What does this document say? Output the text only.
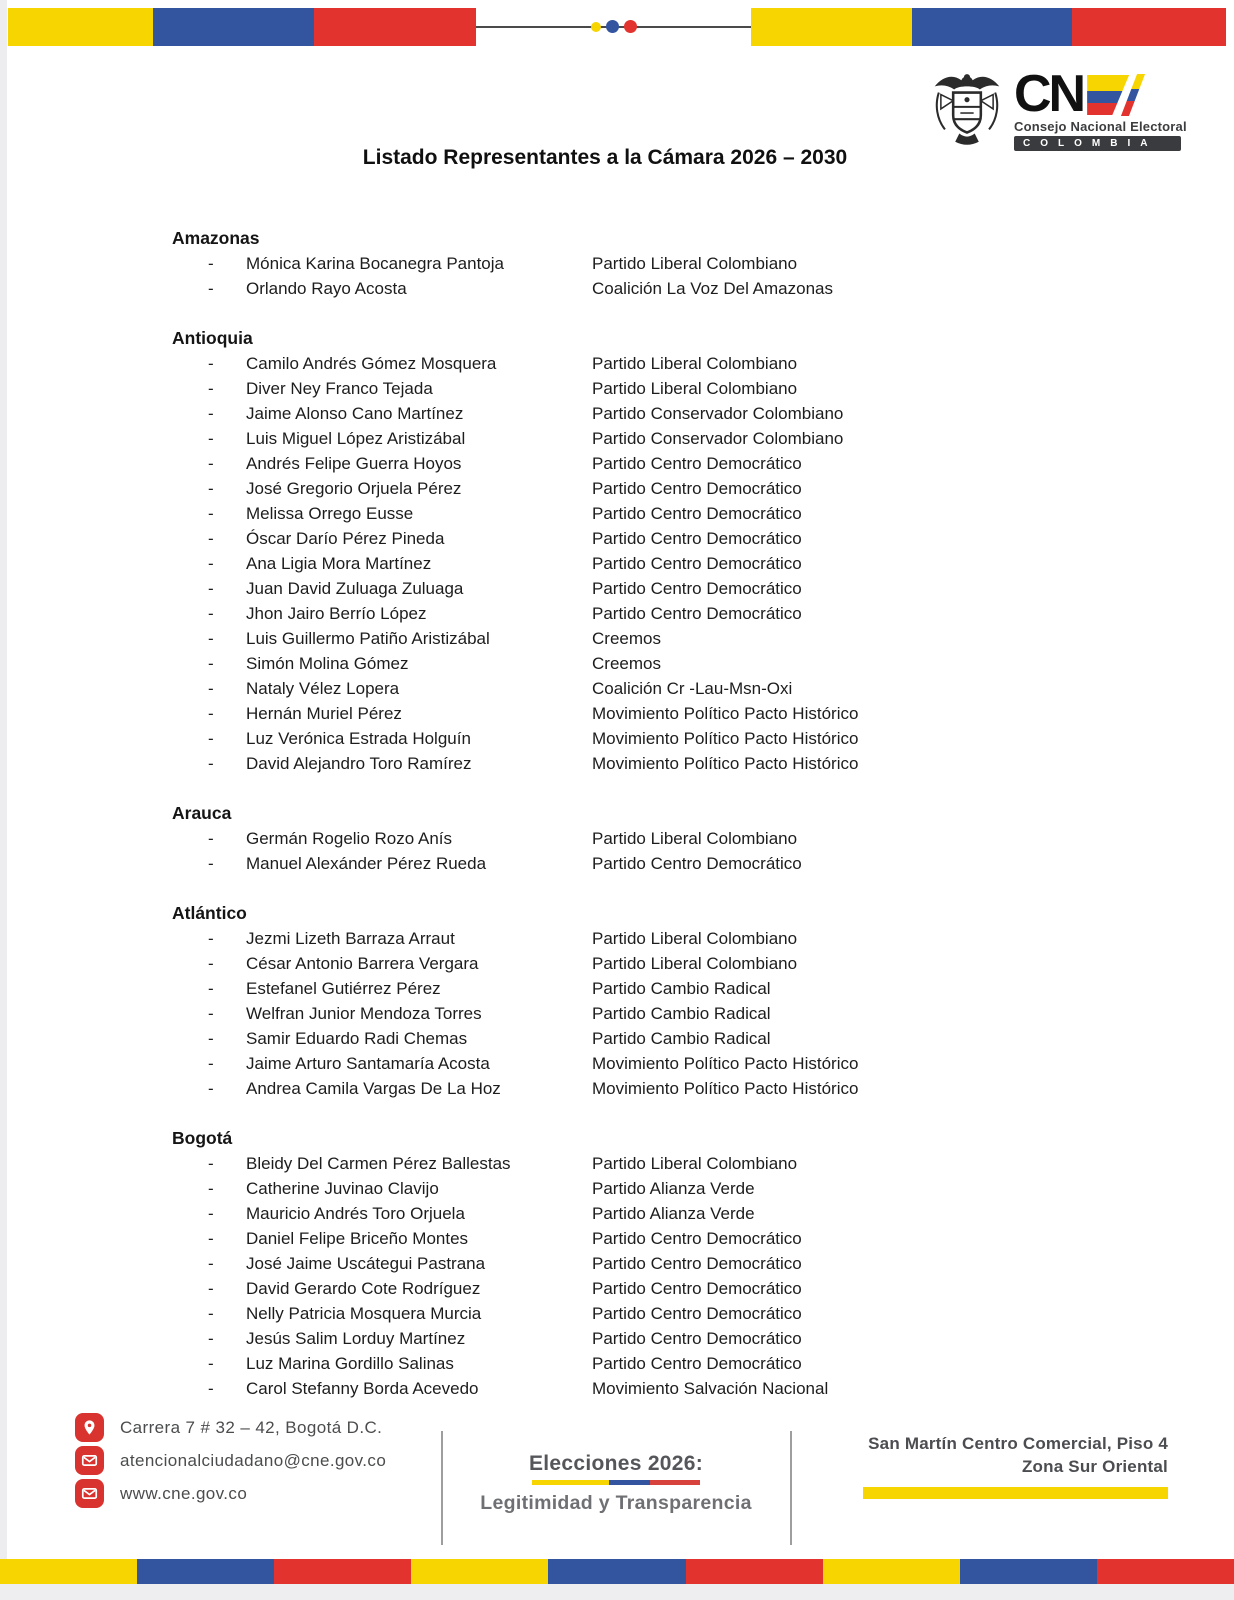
CN
Consejo Nacional Electoral
COLOMBIA
Listado Representantes a la Cámara 2026 – 2030
Amazonas
- Mónica Karina Bocanegra Pantoja	Partido Liberal Colombiano
- Orlando Rayo Acosta	Coalición La Voz Del Amazonas
Antioquia
- Camilo Andrés Gómez Mosquera	Partido Liberal Colombiano
- Diver Ney Franco Tejada	Partido Liberal Colombiano
- Jaime Alonso Cano Martínez	Partido Conservador Colombiano
- Luis Miguel López Aristizábal	Partido Conservador Colombiano
- Andrés Felipe Guerra Hoyos	Partido Centro Democrático
- José Gregorio Orjuela Pérez	Partido Centro Democrático
- Melissa Orrego Eusse	Partido Centro Democrático
- Óscar Darío Pérez Pineda	Partido Centro Democrático
- Ana Ligia Mora Martínez	Partido Centro Democrático
- Juan David Zuluaga Zuluaga	Partido Centro Democrático
- Jhon Jairo Berrío López	Partido Centro Democrático
- Luis Guillermo Patiño Aristizábal	Creemos
- Simón Molina Gómez	Creemos
- Nataly Vélez Lopera	Coalición Cr -Lau-Msn-Oxi
- Hernán Muriel Pérez	Movimiento Político Pacto Histórico
- Luz Verónica Estrada Holguín	Movimiento Político Pacto Histórico
- David Alejandro Toro Ramírez	Movimiento Político Pacto Histórico
Arauca
- Germán Rogelio Rozo Anís	Partido Liberal Colombiano
- Manuel Alexánder Pérez Rueda	Partido Centro Democrático
Atlántico
- Jezmi Lizeth Barraza Arraut	Partido Liberal Colombiano
- César Antonio Barrera Vergara	Partido Liberal Colombiano
- Estefanel Gutiérrez Pérez	Partido Cambio Radical
- Welfran Junior Mendoza Torres	Partido Cambio Radical
- Samir Eduardo Radi Chemas	Partido Cambio Radical
- Jaime Arturo Santamaría Acosta	Movimiento Político Pacto Histórico
- Andrea Camila Vargas De La Hoz	Movimiento Político Pacto Histórico
Bogotá
- Bleidy Del Carmen Pérez Ballestas	Partido Liberal Colombiano
- Catherine Juvinao Clavijo	Partido Alianza Verde
- Mauricio Andrés Toro Orjuela	Partido Alianza Verde
- Daniel Felipe Briceño Montes	Partido Centro Democrático
- José Jaime Uscátegui Pastrana	Partido Centro Democrático
- David Gerardo Cote Rodríguez	Partido Centro Democrático
- Nelly Patricia Mosquera Murcia	Partido Centro Democrático
- Jesús Salim Lorduy Martínez	Partido Centro Democrático
- Luz Marina Gordillo Salinas	Partido Centro Democrático
- Carol Stefanny Borda Acevedo	Movimiento Salvación Nacional
Carrera 7 # 32 – 42, Bogotá D.C.
atencionalciudadano@cne.gov.co
www.cne.gov.co
Elecciones 2026:
Legitimidad y Transparencia
San Martín Centro Comercial, Piso 4
Zona Sur Oriental
